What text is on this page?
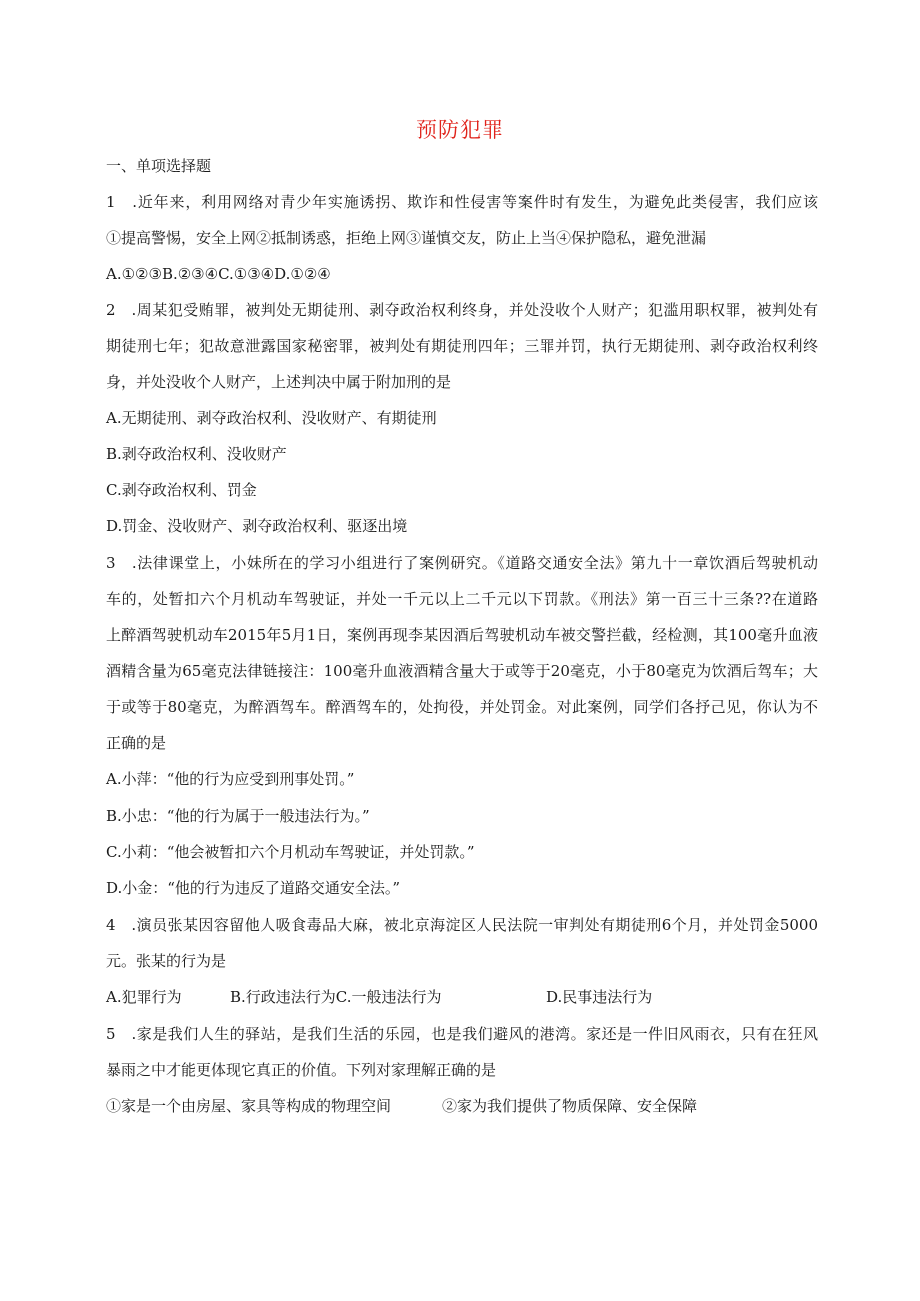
预防犯罪
一、单项选择题
1　.近年来，利用网络对青少年实施诱拐、欺诈和性侵害等案件时有发生，为避免此类侵害，我们应该
①提高警惕，安全上网②抵制诱惑，拒绝上网③谨慎交友，防止上当④保护隐私，避免泄漏
A.①②③B.②③④C.①③④D.①②④
2　.周某犯受贿罪，被判处无期徒刑、剥夺政治权利终身，并处没收个人财产；犯滥用职权罪，被判处有
期徒刑七年；犯故意泄露国家秘密罪，被判处有期徒刑四年；三罪并罚，执行无期徒刑、剥夺政治权利终
身，并处没收个人财产，上述判决中属于附加刑的是
A.无期徒刑、剥夺政治权利、没收财产、有期徒刑
B.剥夺政治权利、没收财产
C.剥夺政治权利、罚金
D.罚金、没收财产、剥夺政治权利、驱逐出境
3　.法律课堂上，小妹所在的学习小组进行了案例研究。《道路交通安全法》第九十一章饮酒后驾驶机动
车的，处暂扣六个月机动车驾驶证，并处一千元以上二千元以下罚款。《刑法》第一百三十三条??在道路
上醉酒驾驶机动车2015年5月1日，案例再现李某因酒后驾驶机动车被交警拦截，经检测，其100毫升血液
酒精含量为65毫克法律链接注：100毫升血液酒精含量大于或等于20毫克，小于80毫克为饮酒后驾车；大
于或等于80毫克，为醉酒驾车。醉酒驾车的，处拘役，并处罚金。对此案例，同学们各抒己见，你认为不
正确的是
A.小萍：“他的行为应受到刑事处罚。”
B.小忠：“他的行为属于一般违法行为。”
C.小莉：“他会被暂扣六个月机动车驾驶证，并处罚款。”
D.小金：“他的行为违反了道路交通安全法。”
4　.演员张某因容留他人吸食毒品大麻，被北京海淀区人民法院一审判处有期徒刑6个月，并处罚金5000
元。张某的行为是
A.犯罪行为	B.行政违法行为C.一般违法行为	D.民事违法行为
5　.家是我们人生的驿站，是我们生活的乐园，也是我们避风的港湾。家还是一件旧风雨衣，只有在狂风
暴雨之中才能更体现它真正的价值。下列对家理解正确的是
①家是一个由房屋、家具等构成的物理空间	②家为我们提供了物质保障、安全保障
